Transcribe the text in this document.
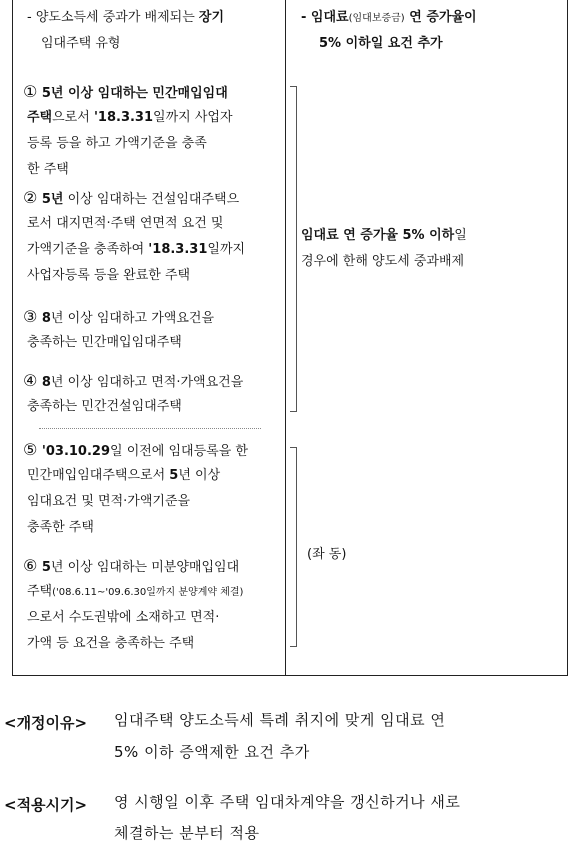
- 양도소득세 중과가 배제되는 장기
임대주택 유형
- 임대료(임대보증금) 연 증가율이
5% 이하일 요건 추가
① 5년 이상 임대하는 민간매입임대
주택으로서 '18.3.31일까지 사업자
등록 등을 하고 가액기준을 충족
한 주택
② 5년 이상 임대하는 건설임대주택으
로서 대지면적·주택 연면적 요건 및
가액기준을 충족하여 '18.3.31일까지
사업자등록 등을 완료한 주택
③ 8년 이상 임대하고 가액요건을
충족하는 민간매입임대주택
④ 8년 이상 임대하고 면적·가액요건을
충족하는 민간건설임대주택
⑤ '03.10.29일 이전에 임대등록을 한
민간매입임대주택으로서 5년 이상
임대요건 및 면적·가액기준을
충족한 주택
⑥ 5년 이상 임대하는 미분양매입임대
주택('08.6.11~'09.6.30일까지 분양계약 체결)
으로서 수도권밖에 소재하고 면적·
가액 등 요건을 충족하는 주택
임대료 연 증가율 5% 이하일
경우에 한해 양도세 중과배제
(좌 동)
<개정이유> 임대주택 양도소득세 특례 취지에 맞게 임대료 연
5% 이하 증액제한 요건 추가
<적용시기> 영 시행일 이후 주택 임대차계약을 갱신하거나 새로
체결하는 분부터 적용
